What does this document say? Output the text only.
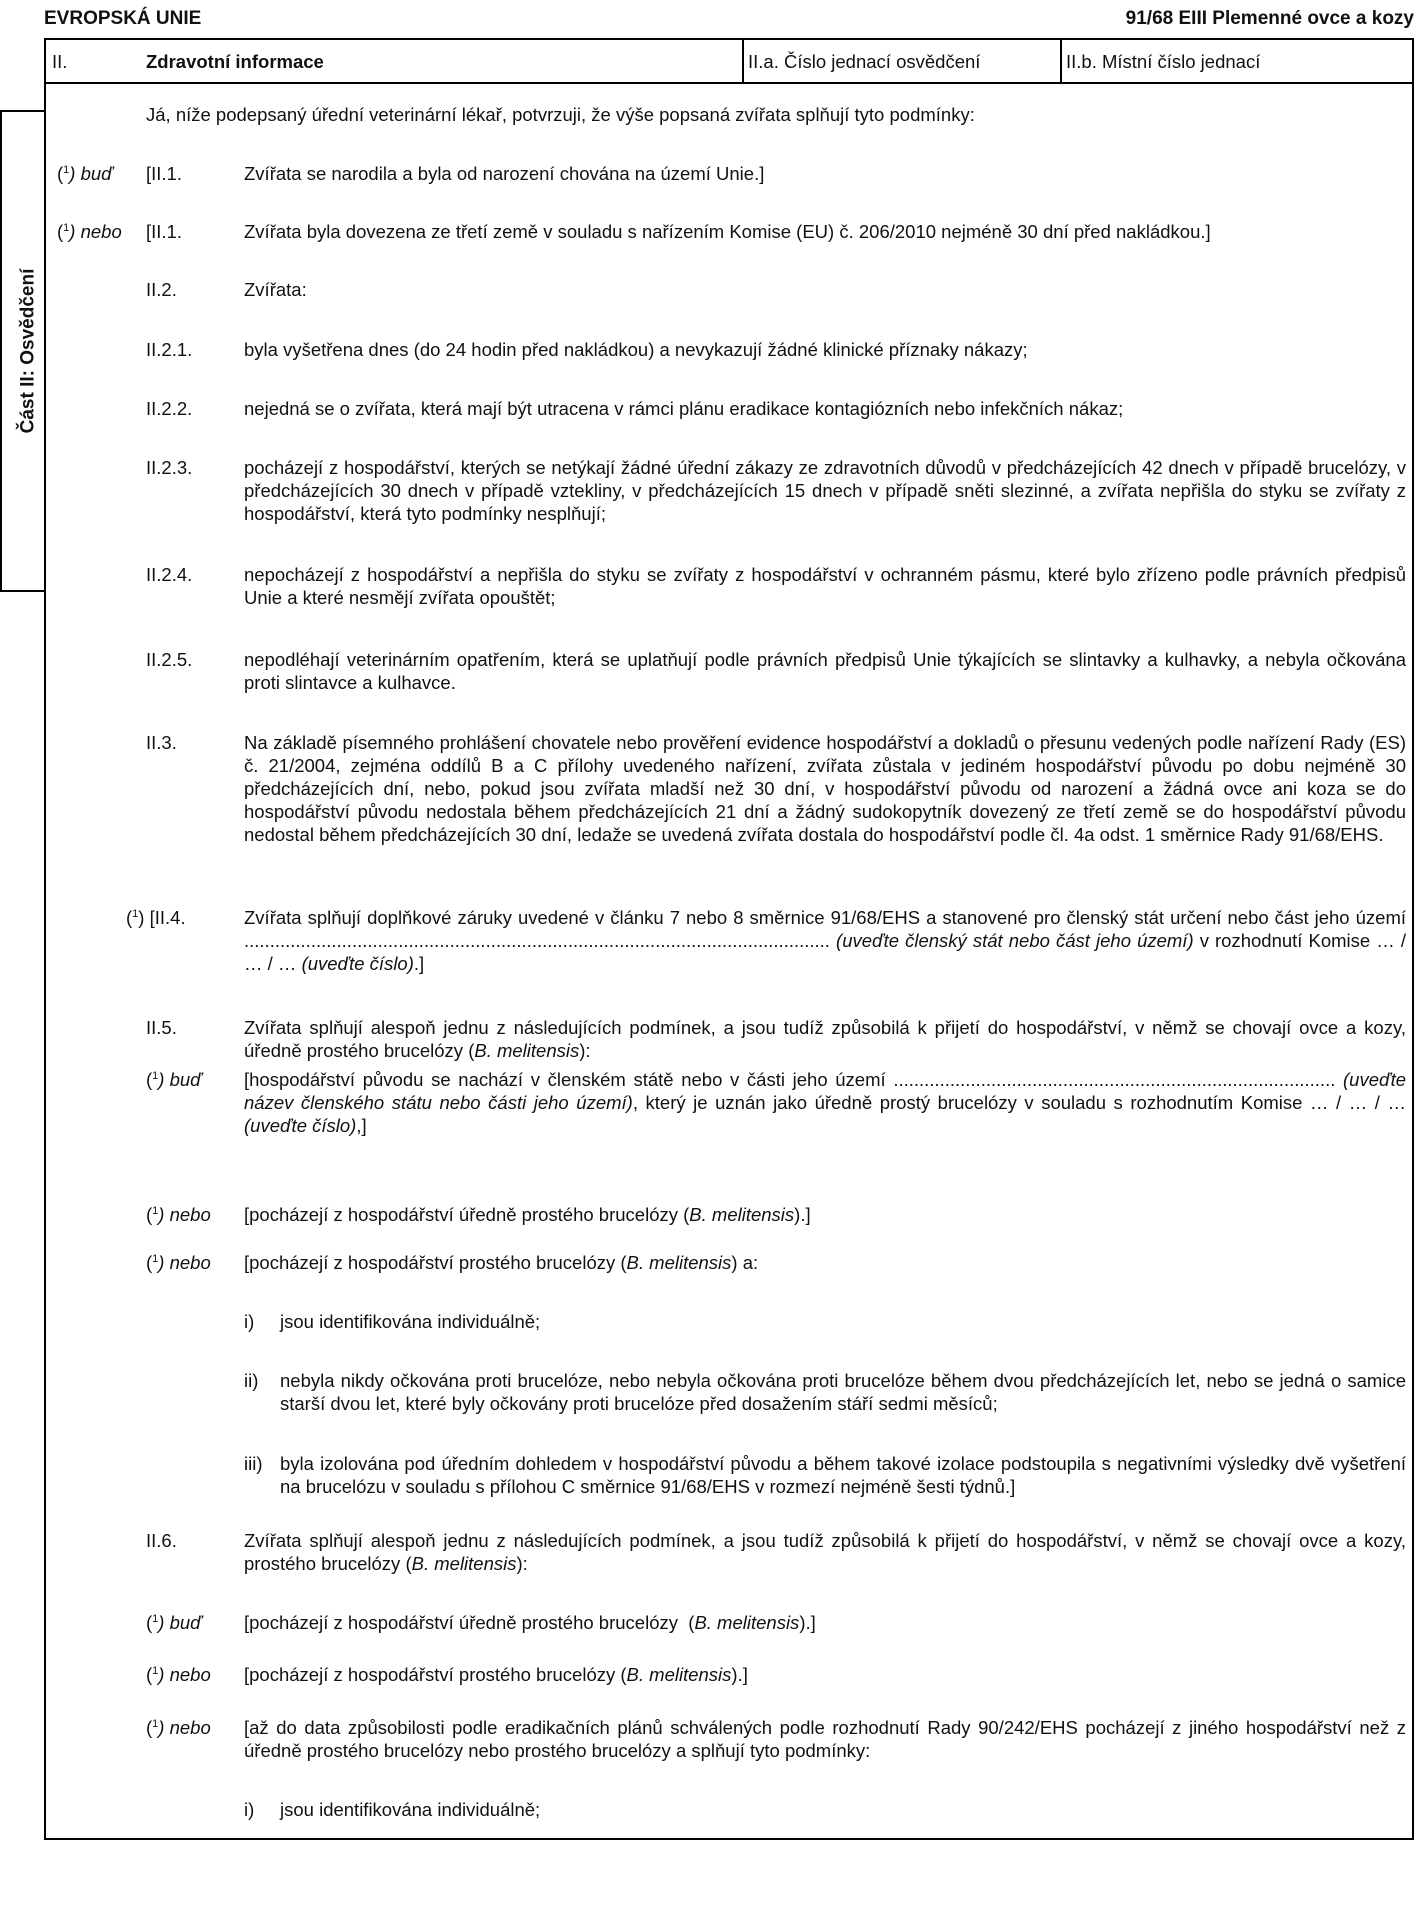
EVROPSKÁ UNIE	91/68 EIII Plemenné ovce a kozy
II.	Zdravotní informace	II.a. Číslo jednací osvědčení	II.b. Místní číslo jednací
Část II: Osvědčení
Já, níže podepsaný úřední veterinární lékař, potvrzuji, že výše popsaná zvířata splňují tyto podmínky:
($^1$) buď [II.1.	Zvířata se narodila a byla od narození chována na území Unie.]
($^1$) nebo [II.1.	Zvířata byla dovezena ze třetí země v souladu s nařízením Komise (EU) č. 206/2010 nejméně 30 dní před nakládkou.]
II.2.	Zvířata:
II.2.1.	byla vyšetřena dnes (do 24 hodin před nakládkou) a nevykazují žádné klinické příznaky nákazy;
II.2.2.	nejedná se o zvířata, která mají být utracena v rámci plánu eradikace kontagiózních nebo infekčních nákaz;
II.2.3.	pocházejí z hospodářství, kterých se netýkají žádné úřední zákazy ze zdravotních důvodů v předcházejících 42 dnech v případě brucelózy, v předcházejících 30 dnech v případě vztekliny, v předcházejících 15 dnech v případě sněti slezinné, a zvířata nepřišla do styku se zvířaty z hospodářství, která tyto podmínky nesplňují;
II.2.4.	nepocházejí z hospodářství a nepřišla do styku se zvířaty z hospodářství v ochranném pásmu, které bylo zřízeno podle právních předpisů Unie a které nesmějí zvířata opouštět;
II.2.5.	nepodléhají veterinárním opatřením, která se uplatňují podle právních předpisů Unie týkajících se slintavky a kulhavky, a nebyla očkována proti slintavce a kulhavce.
II.3.	Na základě písemného prohlášení chovatele nebo prověření evidence hospodářství a dokladů o přesunu vedených podle nařízení Rady (ES) č. 21/2004, zejména oddílů B a C přílohy uvedeného nařízení, zvířata zůstala v jediném hospodářství původu po dobu nejméně 30 předcházejících dní, nebo, pokud jsou zvířata mladší než 30 dní, v hospodářství původu od narození a žádná ovce ani koza se do hospodářství původu nedostala během předcházejících 21 dní a žádný sudokopytník dovezený ze třetí země se do hospodářství původu nedostal během předcházejících 30 dní, ledaže se uvedená zvířata dostala do hospodářství podle čl. 4a odst. 1 směrnice Rady 91/68/EHS.
($^1$) [II.4.	Zvířata splňují doplňkové záruky uvedené v článku 7 nebo 8 směrnice 91/68/EHS a stanovené pro členský stát určení nebo část jeho území .................................................................................................................. (uveďte členský stát nebo část jeho území) v rozhodnutí Komise … / … / … (uveďte číslo).]
II.5.	Zvířata splňují alespoň jednu z následujících podmínek, a jsou tudíž způsobilá k přijetí do hospodářství, v němž se chovají ovce a kozy, úředně prostého brucelózy (B. melitensis):
($^1$) buď [hospodářství původu se nachází v členském státě nebo v části jeho území ...................................................................................... (uveďte název členského státu nebo části jeho území), který je uznán jako úředně prostý brucelózy v souladu s rozhodnutím Komise … / … / … (uveďte číslo),]
($^1$) nebo [pocházejí z hospodářství úředně prostého brucelózy (B. melitensis).]
($^1$) nebo [pocházejí z hospodářství prostého brucelózy (B. melitensis) a:
i) jsou identifikována individuálně;
ii) nebyla nikdy očkována proti brucelóze, nebo nebyla očkována proti brucelóze během dvou předcházejících let, nebo se jedná o samice starší dvou let, které byly očkovány proti brucelóze před dosažením stáří sedmi měsíců;
iii) byla izolována pod úředním dohledem v hospodářství původu a během takové izolace podstoupila s negativními výsledky dvě vyšetření na brucelózu v souladu s přílohou C směrnice 91/68/EHS v rozmezí nejméně šesti týdnů.]
II.6.	Zvířata splňují alespoň jednu z následujících podmínek, a jsou tudíž způsobilá k přijetí do hospodářství, v němž se chovají ovce a kozy, prostého brucelózy (B. melitensis):
($^1$) buď [pocházejí z hospodářství úředně prostého brucelózy  (B. melitensis).]
($^1$) nebo [pocházejí z hospodářství prostého brucelózy (B. melitensis).]
($^1$) nebo [až do data způsobilosti podle eradikačních plánů schválených podle rozhodnutí Rady 90/242/EHS pocházejí z jiného hospodářství než z úředně prostého brucelózy nebo prostého brucelózy a splňují tyto podmínky:
i) jsou identifikována individuálně;
